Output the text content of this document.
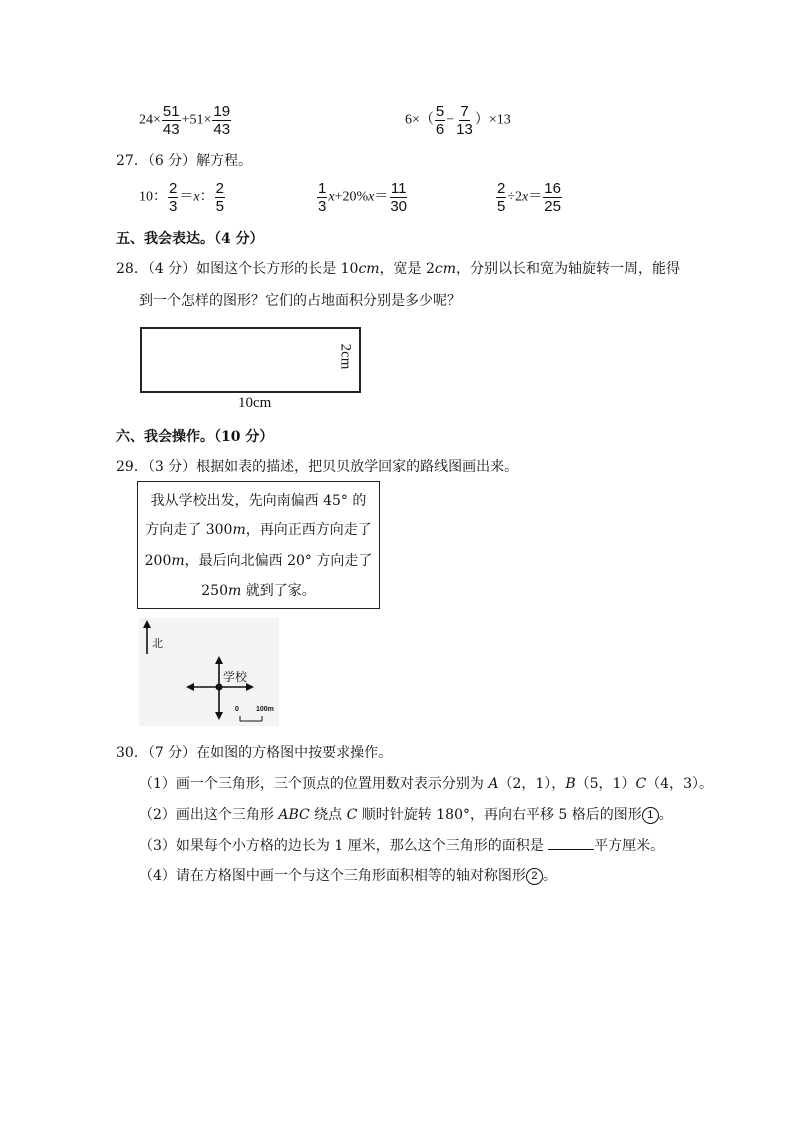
$24\times \frac{51}{43} +51\times \frac{19}{43}$	$6\times( \frac{5}{6} - \frac{7}{13} )\times 13$
27．（6 分）解方程。
10： $\frac{2}{3} =x$： $\frac{2}{5}$	$\frac{1}{3} x+20\%x= \frac{11}{30}$	$\frac{2}{5} \div 2x= \frac{16}{25}$
五、我会表达。（4 分）
28．（4 分）如图这个长方形的长是 10cm，宽是 2cm，分别以长和宽为轴旋转一周，能得
到一个怎样的图形？它们的占地面积分别是多少呢？
2cm
10cm
六、我会操作。（10 分）
29．（3 分）根据如表的描述，把贝贝放学回家的路线图画出来。
我从学校出发，先向南偏西 45° 的
方向走了 300m，再向正西方向走了
200m，最后向北偏西 20° 方向走了
250m 就到了家。
北
学校
0 100m
30．（7 分）在如图的方格图中按要求操作。
（1）画一个三角形，三个顶点的位置用数对表示分别为 A（2，1），B（5，1）C（4，3）。
（2）画出这个三角形 ABC 绕点 C 顺时针旋转 180°，再向右平移 5 格后的图形 1 。
（3）如果每个小方格的边长为 1 厘米，那么这个三角形的面积是	平方厘米。
（4）请在方格图中画一个与这个三角形面积相等的轴对称图形 2 。
